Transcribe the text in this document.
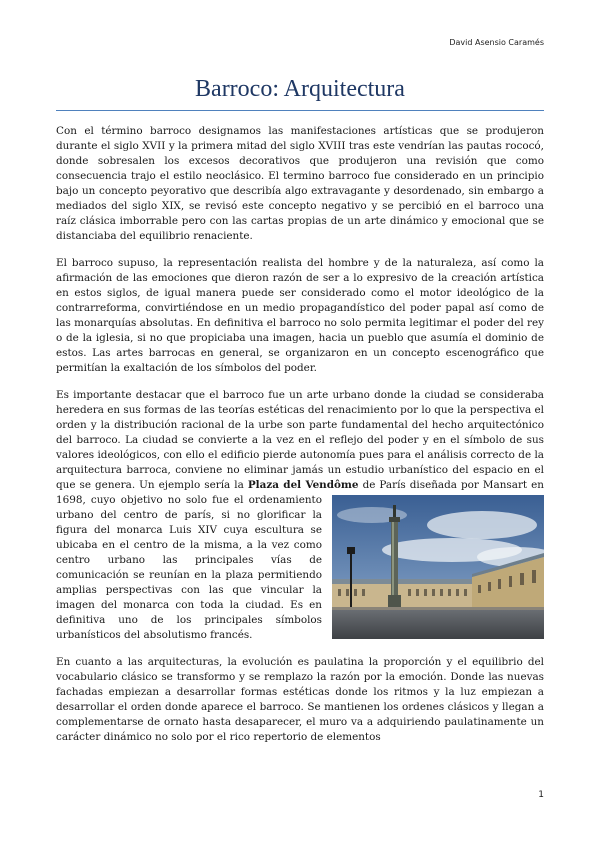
David Asensio Caramés
Barroco: Arquitectura

Con el término barroco designamos las manifestaciones artísticas que se produjeron durante el siglo XVII y la primera mitad del siglo XVIII tras este vendrían las pautas rococó, donde sobresalen los excesos decorativos que produjeron una revisión que como consecuencia trajo el estilo neoclásico. El termino barroco fue considerado en un principio bajo un concepto peyorativo que describía algo extravagante y desordenado, sin embargo a mediados del siglo XIX, se revisó este concepto negativo y se percibió en el barroco una raíz clásica imborrable pero con las cartas propias de un arte dinámico y emocional que se distanciaba del equilibrio renaciente.

El barroco supuso, la representación realista del hombre y de la naturaleza, así como la afirmación de las emociones que dieron razón de ser a lo expresivo de la creación artística en estos siglos, de igual manera puede ser considerado como el motor ideológico de la contrarreforma, convirtiéndose en un medio propagandístico del poder papal así como de las monarquías absolutas. En definitiva el barroco no solo permita legitimar el poder del rey o de la iglesia, si no que propiciaba una imagen, hacia un pueblo que asumía el dominio de estos. Las artes barrocas en general, se organizaron en un concepto escenográfico que permitían la exaltación de los símbolos del poder.

Es importante destacar que el barroco fue un arte urbano donde la ciudad se consideraba heredera en sus formas de las teorías estéticas del renacimiento por lo que la perspectiva el orden y la distribución racional de la urbe son parte fundamental del hecho arquitectónico del barroco. La ciudad se convierte a la vez en el reflejo del poder y en el símbolo de sus valores ideológicos, con ello el edificio pierde autonomía pues para el análisis correcto de la arquitectura barroca, conviene no eliminar jamás un estudio urbanístico del espacio en el que se genera. Un ejemplo sería la Plaza del Vendôme de París diseñada por Mansart en 1698, cuyo objetivo no solo fue el ordenamiento urbano del centro de parís, si no glorificar la figura del monarca Luis XIV cuya escultura se ubicaba en el centro de la misma, a la vez como centro urbano las principales vías de comunicación se reunían en la plaza permitiendo amplias perspectivas con las que vincular la imagen del monarca con toda la ciudad. Es en definitiva uno de los principales símbolos urbanísticos del absolutismo francés.

En cuanto a las arquitecturas, la evolución es paulatina la proporción y el equilibrio del vocabulario clásico se transformo y se remplazo la razón por la emoción. Donde las nuevas fachadas empiezan a desarrollar formas estéticas donde los ritmos y la luz empiezan a desarrollar el orden donde aparece el barroco. Se mantienen los ordenes clásicos y llegan a complementarse de ornato hasta desaparecer, el muro va a adquiriendo paulatinamente un carácter dinámico no solo por el rico repertorio de elementos

1
